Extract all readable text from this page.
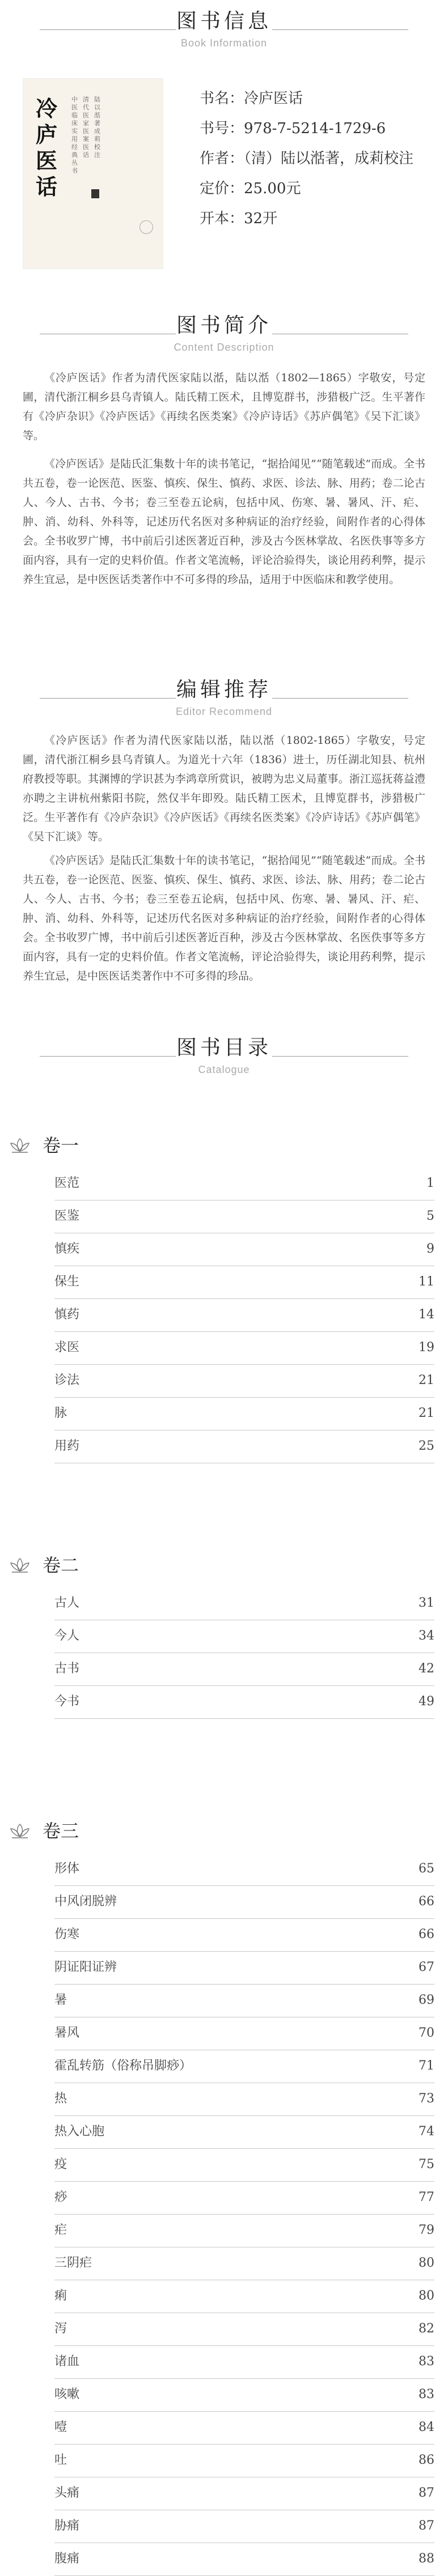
图书信息
Book Information
冷庐医话
中医临床实用经典丛书
清代医家医案医话
陆以湉著 成莉校注
书名：冷庐医话
书号：978-7-5214-1729-6
作者：（清）陆以湉著，成莉校注
定价：25.00元
开本：32开
图书简介
Content Description
《冷庐医话》作者为清代医家陆以湉，陆以湉（1802—1865）字敬安，号定圃，清代浙江桐乡县乌青镇人。陆氏精工医术，且博览群书，涉猎极广泛。生平著作有《冷庐杂识》《冷庐医话》《再续名医类案》《冷庐诗话》《苏庐偶笔》《吴下汇谈》等。
《冷庐医话》是陆氏汇集数十年的读书笔记，“据拾闻见”“随笔载述”而成。全书共五卷，卷一论医范、医鉴、慎疾、保生、慎药、求医、诊法、脉、用药；卷二论古人、今人、古书、今书；卷三至卷五论病，包括中风、伤寒、暑、暑风、汗、疟、肿、消、幼科、外科等，记述历代名医对多种病证的治疗经验，间附作者的心得体会。全书收罗广博，书中前后引述医著近百种，涉及古今医林掌故、名医佚事等多方面内容，具有一定的史料价值。作者文笔流畅，评论洽验得失，谈论用药利弊，提示养生宜忌，是中医医话类著作中不可多得的珍品，适用于中医临床和教学使用。
编辑推荐
Editor Recommend
《冷庐医话》作者为清代医家陆以湉，陆以湉（1802-1865）字敬安，号定圃，清代浙江桐乡县乌青镇人。为道光十六年（1836）进士，历任湖北知县、杭州府教授等职。其渊博的学识甚为李鸿章所赏识，被聘为忠义局董事。浙江巡抚蒋益澧亦聘之主讲杭州紫阳书院，然仅半年即殁。陆氏精工医术，且博览群书，涉猎极广泛。生平著作有《冷庐杂识》《冷庐医话》《再续名医类案》《冷庐诗话》《苏庐偶笔》《吴下汇谈》等。
《冷庐医话》是陆氏汇集数十年的读书笔记，“据拾闻见”“随笔载述”而成。全书共五卷，卷一论医范、医鉴、慎疾、保生、慎药、求医、诊法、脉、用药；卷二论古人、今人、古书、今书；卷三至卷五论病，包括中风、伤寒、暑、暑风、汗、疟、肿、消、幼科、外科等，记述历代名医对多种病证的治疗经验，间附作者的心得体会。全书收罗广博，书中前后引述医著近百种，涉及古今医林掌故、名医佚事等多方面内容，具有一定的史料价值。作者文笔流畅，评论洽验得失，谈论用药利弊，提示养生宜忌，是中医医话类著作中不可多得的珍品。
图书目录
Catalogue
卷一
医范	1
医鉴	5
慎疾	9
保生	11
慎药	14
求医	19
诊法	21
脉	21
用药	25
卷二
古人	31
今人	34
古书	42
今书	49
卷三
形体	65
中风闭脱辨	66
伤寒	66
阴证阳证辨	67
暑	69
暑风	70
霍乱转筋（俗称吊脚痧）	71
热	73
热入心胞	74
疫	75
痧	77
疟	79
三阴疟	80
痢	80
泻	82
诸血	83
咳嗽	83
噎	84
吐	86
头痛	87
胁痛	87
腹痛	88
